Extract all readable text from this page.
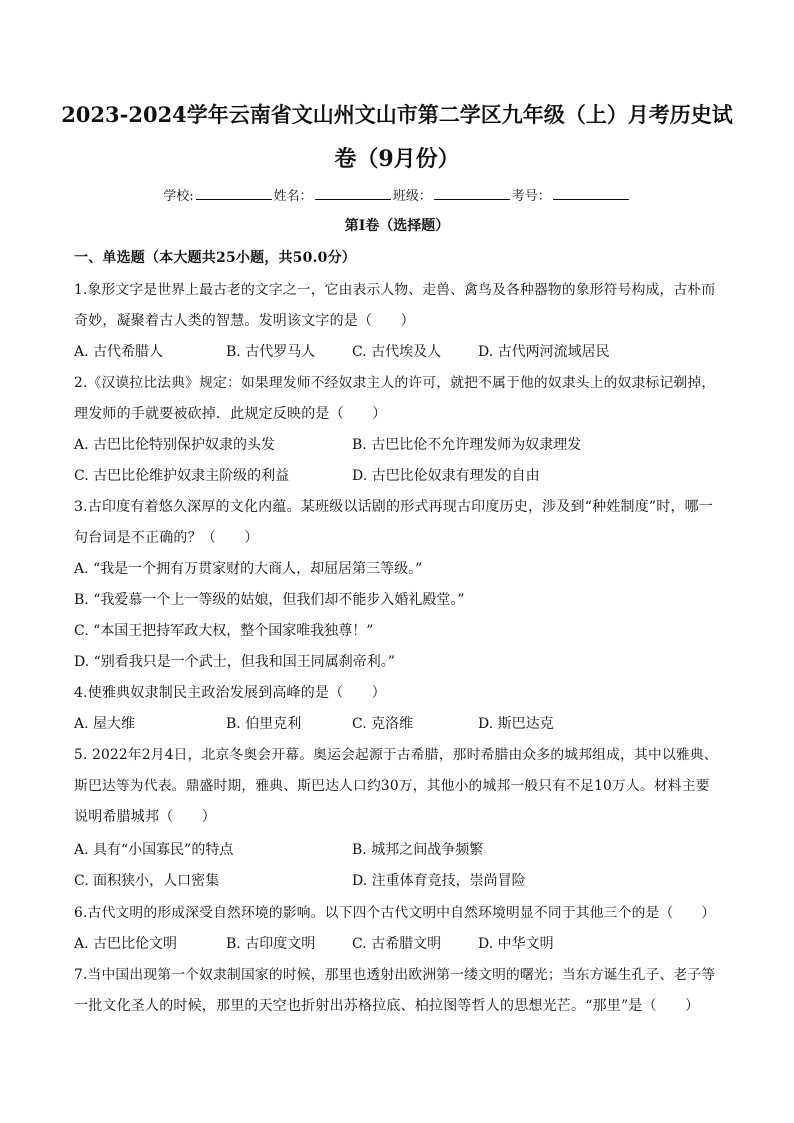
2023-2024学年云南省文山州文山市第二学区九年级（上）月考历史试
卷（9月份）
学校:	姓名：	班级：	考号：
第I卷（选择题）
一、单选题（本大题共25小题，共50.0分）
1.象形文字是世界上最古老的文字之一，它由表示人物、走兽、禽鸟及各种器物的象形符号构成，古朴而
奇妙，凝聚着古人类的智慧。发明该文字的是（　　）
A. 古代希腊人	B. 古代罗马人	C. 古代埃及人	D. 古代两河流域居民
2.《汉谟拉比法典》规定：如果理发师不经奴隶主人的许可，就把不属于他的奴隶头上的奴隶标记剃掉，
理发师的手就要被砍掉．此规定反映的是（　　）
A. 古巴比伦特别保护奴隶的头发	B. 古巴比伦不允许理发师为奴隶理发
C. 古巴比伦维护奴隶主阶级的利益	D. 古巴比伦奴隶有理发的自由
3.古印度有着悠久深厚的文化内蕴。某班级以话剧的形式再现古印度历史，涉及到“种姓制度”时，哪一
句台词是不正确的？（　　）
A. “我是一个拥有万贯家财的大商人，却屈居第三等级。”
B. “我爱慕一个上一等级的姑娘，但我们却不能步入婚礼殿堂。”
C. “本国王把持军政大权，整个国家唯我独尊！”
D. “别看我只是一个武士，但我和国王同属刹帝利。”
4.使雅典奴隶制民主政治发展到高峰的是（　　）
A. 屋大维	B. 伯里克利	C. 克洛维	D. 斯巴达克
5. 2022年2月4日，北京冬奥会开幕。奥运会起源于古希腊，那时希腊由众多的城邦组成，其中以雅典、
斯巴达等为代表。鼎盛时期，雅典、斯巴达人口约30万，其他小的城邦一般只有不足10万人。材料主要
说明希腊城邦（　　）
A. 具有“小国寡民”的特点	B. 城邦之间战争频繁
C. 面积狭小，人口密集	D. 注重体育竞技，崇尚冒险
6.古代文明的形成深受自然环境的影响。以下四个古代文明中自然环境明显不同于其他三个的是（　　）
A. 古巴比伦文明	B. 古印度文明	C. 古希腊文明	D. 中华文明
7.当中国出现第一个奴隶制国家的时候，那里也透射出欧洲第一缕文明的曙光；当东方诞生孔子、老子等
一批文化圣人的时候，那里的天空也折射出苏格拉底、柏拉图等哲人的思想光芒。“那里”是（　　）
